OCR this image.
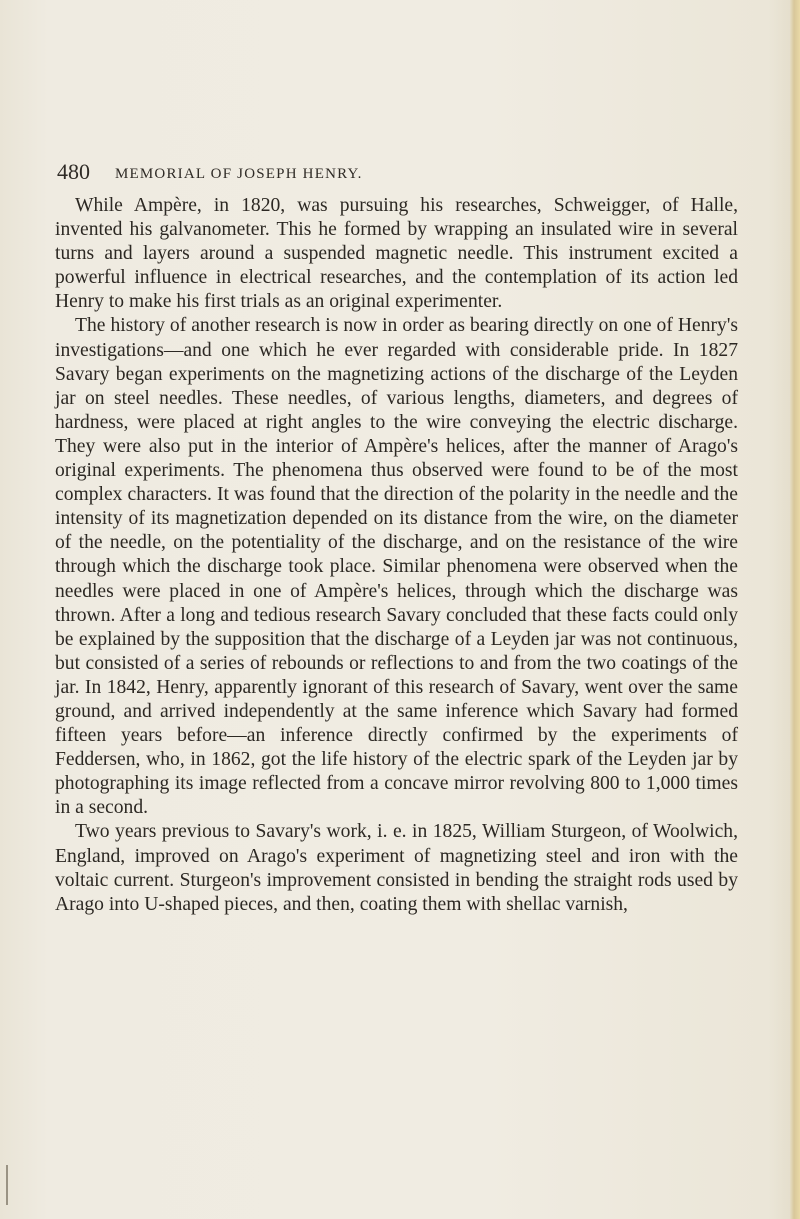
480 MEMORIAL OF JOSEPH HENRY.

While Ampère, in 1820, was pursuing his researches, Schweigger, of Halle, invented his galvanometer. This he formed by wrapping an insulated wire in several turns and layers around a suspended magnetic needle. This instrument excited a powerful influence in electrical researches, and the contemplation of its action led Henry to make his first trials as an original experimenter.

The history of another research is now in order as bearing directly on one of Henry's investigations—and one which he ever regarded with considerable pride. In 1827 Savary began experiments on the magnetizing actions of the discharge of the Leyden jar on steel needles. These needles, of various lengths, diameters, and degrees of hardness, were placed at right angles to the wire conveying the electric discharge. They were also put in the interior of Ampère's helices, after the manner of Arago's original experiments. The phenomena thus observed were found to be of the most complex characters. It was found that the direction of the polarity in the needle and the intensity of its magnetization depended on its distance from the wire, on the diameter of the needle, on the potentiality of the discharge, and on the resistance of the wire through which the discharge took place. Similar phenomena were observed when the needles were placed in one of Ampère's helices, through which the discharge was thrown. After a long and tedious research Savary concluded that these facts could only be explained by the supposition that the discharge of a Leyden jar was not continuous, but consisted of a series of rebounds or reflections to and from the two coatings of the jar. In 1842, Henry, apparently ignorant of this research of Savary, went over the same ground, and arrived independently at the same inference which Savary had formed fifteen years before—an inference directly confirmed by the experiments of Feddersen, who, in 1862, got the life history of the electric spark of the Leyden jar by photographing its image reflected from a concave mirror revolving 800 to 1,000 times in a second.

Two years previous to Savary's work, i. e. in 1825, William Sturgeon, of Woolwich, England, improved on Arago's experiment of magnetizing steel and iron with the voltaic current. Sturgeon's improvement consisted in bending the straight rods used by Arago into U-shaped pieces, and then, coating them with shellac varnish,
